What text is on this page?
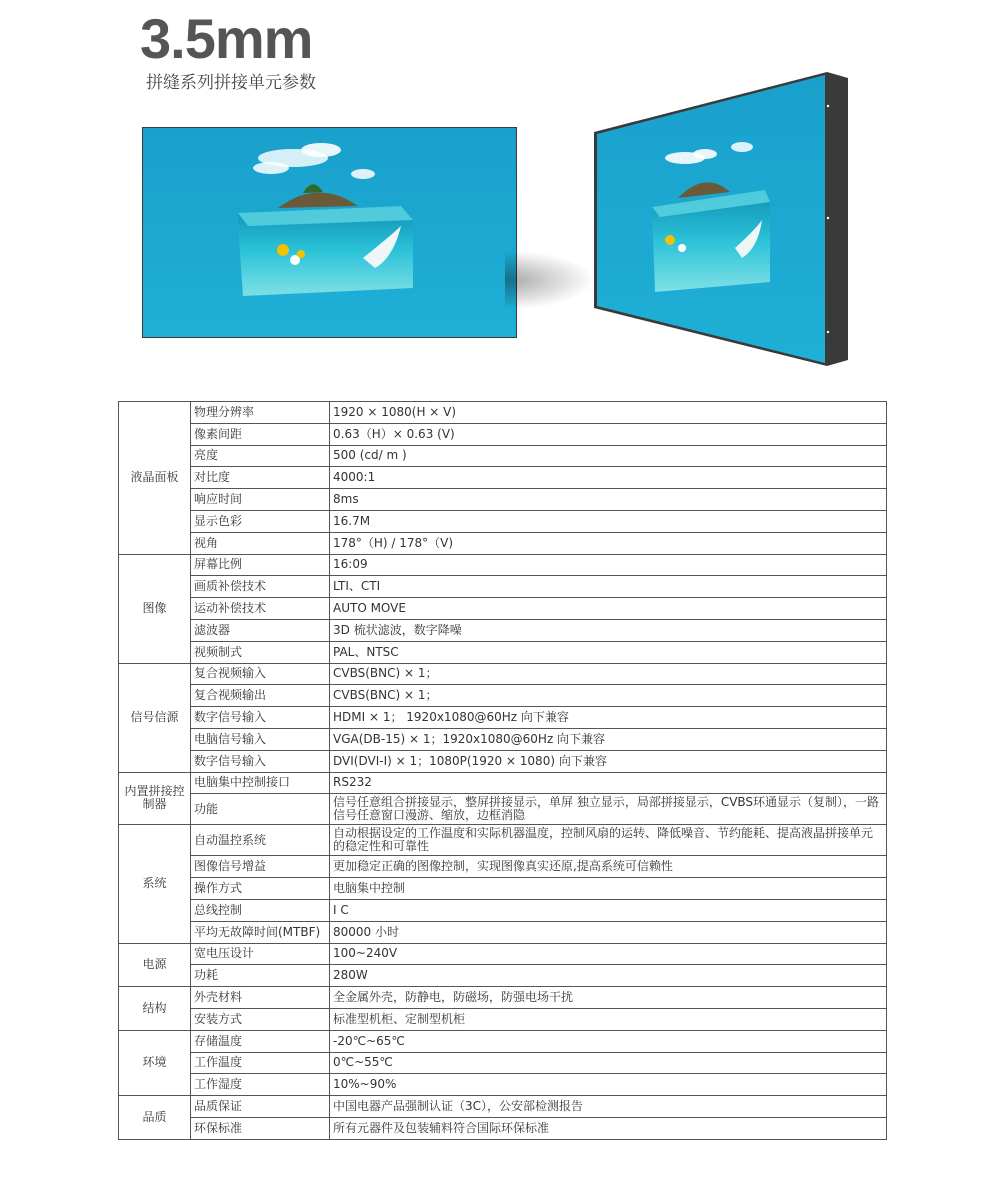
3.5mm
拼缝系列拼接单元参数
液晶面板	物理分辨率	1920 × 1080(H × V)
	像素间距	0.63（H）× 0.63 (V)
	亮度	500 (cd/ m )
	对比度	4000:1
	响应时间	8ms
	显示色彩	16.7M
	视角	178°（H) / 178°（V)
图像	屏幕比例	16:09
	画质补偿技术	LTI、CTI
	运动补偿技术	AUTO MOVE
	滤波器	3D 梳状滤波，数字降噪
	视频制式	PAL、NTSC
信号信源	复合视频输入	CVBS(BNC) × 1；
	复合视频输出	CVBS(BNC) × 1；
	数字信号输入	HDMI × 1； 1920x1080@60Hz 向下兼容
	电脑信号输入	VGA(DB-15) × 1；1920x1080@60Hz 向下兼容
	数字信号输入	DVI(DVI-I) × 1；1080P(1920 × 1080) 向下兼容
内置拼接控制器	电脑集中控制接口	RS232
	功能	信号任意组合拼接显示，整屏拼接显示，单屏 独立显示，局部拼接显示，CVBS环通显示（复制），一路信号任意窗口漫游、缩放，边框消隐
系统	自动温控系统	自动根据设定的工作温度和实际机器温度，控制风扇的运转、降低噪音、节约能耗、提高液晶拼接单元的稳定性和可靠性
	图像信号增益	更加稳定正确的图像控制，实现图像真实还原,提高系统可信赖性
	操作方式	电脑集中控制
	总线控制	I C
	平均无故障时间(MTBF)	80000 小时
电源	宽电压设计	100~240V
	功耗	280W
结构	外壳材料	全金属外壳，防静电，防磁场，防强电场干扰
	安装方式	标准型机柜、定制型机柜
环境	存储温度	-20℃~65℃
	工作温度	0℃~55℃
	工作湿度	10%~90%
品质	品质保证	中国电器产品强制认证（3C），公安部检测报告
	环保标准	所有元器件及包装辅料符合国际环保标准
